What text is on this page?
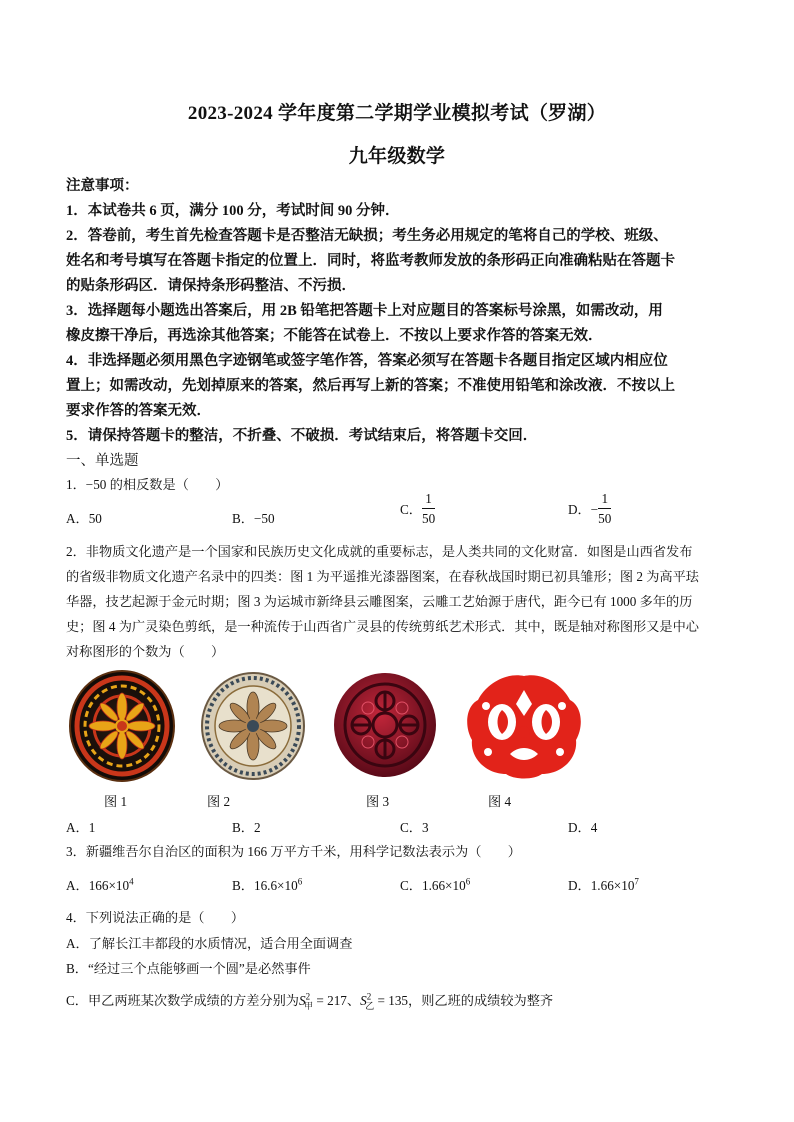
2023-2024 学年度第二学期学业模拟考试（罗湖）
九年级数学
注意事项：
1．本试卷共 6 页，满分 100 分，考试时间 90 分钟．
2．答卷前，考生首先检查答题卡是否整洁无缺损；考生务必用规定的笔将自己的学校、班级、
姓名和考号填写在答题卡指定的位置上．同时，将监考教师发放的条形码正向准确粘贴在答题卡
的贴条形码区．请保持条形码整洁、不污损．
3．选择题每小题选出答案后，用 2B 铅笔把答题卡上对应题目的答案标号涂黑，如需改动，用
橡皮擦干净后，再选涂其他答案；不能答在试卷上．不按以上要求作答的答案无效．
4．非选择题必须用黑色字迹钢笔或签字笔作答，答案必须写在答题卡各题目指定区域内相应位
置上；如需改动，先划掉原来的答案，然后再写上新的答案；不准使用铅笔和涂改液．不按以上
要求作答的答案无效．
5．请保持答题卡的整洁，不折叠、不破损．考试结束后，将答题卡交回．
一、单选题
1．−50 的相反数是（　　）
A．50	B．−50
C． $\frac{1}{50}$	D．− $\frac{1}{50}$
2．非物质文化遗产是一个国家和民族历史文化成就的重要标志，是人类共同的文化财富．如图是山西省发布
的省级非物质文化遗产名录中的四类：图 1 为平遥推光漆器图案，在春秋战国时期已初具雏形；图 2 为高平珐
华器，技艺起源于金元时期；图 3 为运城市新绛县云雕图案，云雕工艺始源于唐代，距今已有 1000 多年的历
史；图 4 为广灵染色剪纸，是一种流传于山西省广灵县的传统剪纸艺术形式．其中，既是轴对称图形又是中心
对称图形的个数为（　　）
图 1	图 2	图 3	图 4
A．1	B．2	C．3	D．4
3．新疆维吾尔自治区的面积为 166 万平方千米，用科学记数法表示为（　　）
A．$166\times 10^4$	B．$16.6\times 10^6$	C．$1.66\times 10^6$	D．$1.66\times 10^7$
4．下列说法正确的是（　　）
A．了解长江丰都段的水质情况，适合用全面调查
B．“经过三个点能够画一个圆”是必然事件
C．甲乙两班某次数学成绩的方差分别为$S^2_甲 = 217$、$S^2_乙 = 135$，则乙班的成绩较为整齐
